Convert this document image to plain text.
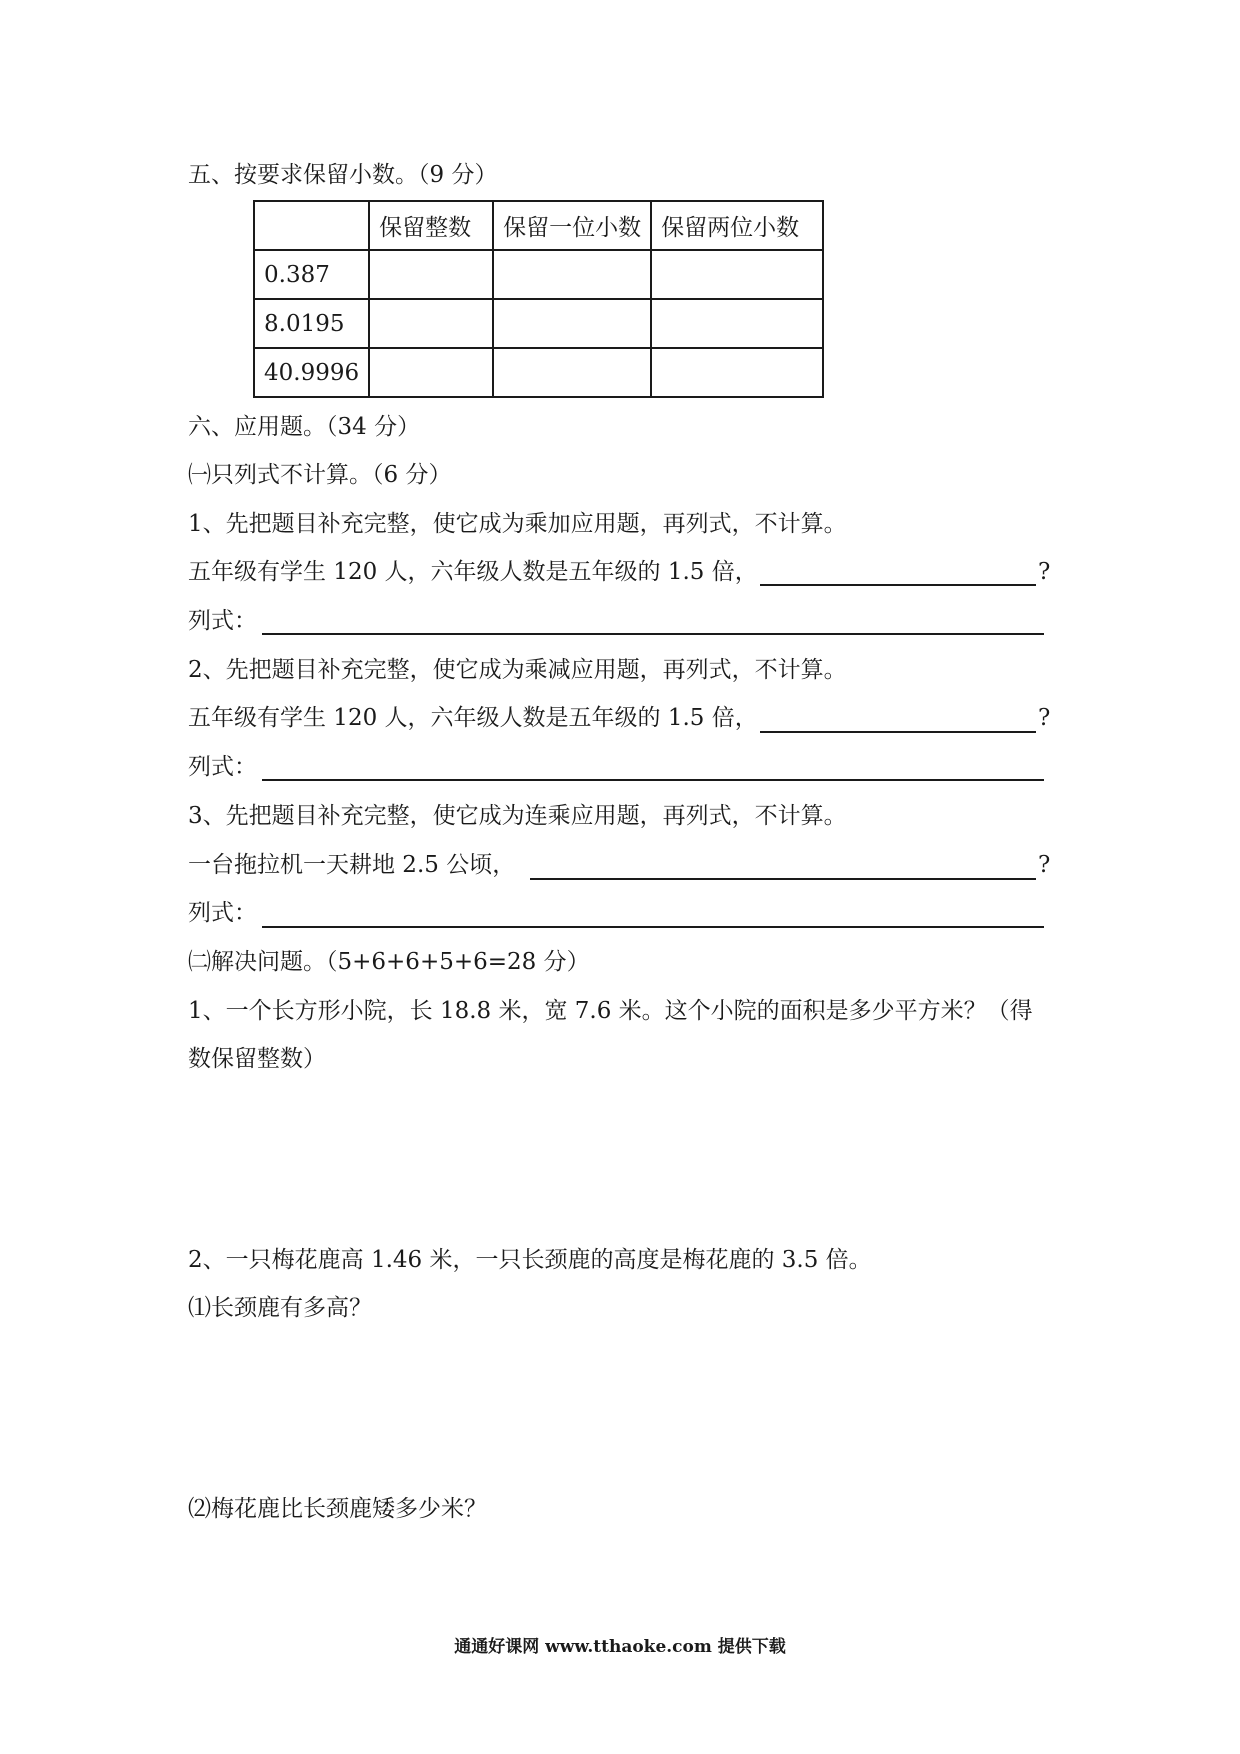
五、按要求保留小数。（9 分）
	保留整数	保留一位小数	保留两位小数
0.387			
8.0195			
40.9996			
六、应用题。（34 分）
㈠只列式不计算。（6 分）
1、先把题目补充完整，使它成为乘加应用题，再列式，不计算。
五年级有学生 120 人，六年级人数是五年级的 1.5 倍，	?
列式：
2、先把题目补充完整，使它成为乘减应用题，再列式，不计算。
五年级有学生 120 人，六年级人数是五年级的 1.5 倍，	?
列式：
3、先把题目补充完整，使它成为连乘应用题，再列式，不计算。
一台拖拉机一天耕地 2.5 公顷，	?
列式：
㈡解决问题。（5+6+6+5+6=28 分）
1、一个长方形小院，长 18.8 米，宽 7.6 米。这个小院的面积是多少平方米？（得
数保留整数）
2、一只梅花鹿高 1.46 米，一只长颈鹿的高度是梅花鹿的 3.5 倍。
⑴长颈鹿有多高？
⑵梅花鹿比长颈鹿矮多少米？
通通好课网 www.tthaoke.com 提供下载
